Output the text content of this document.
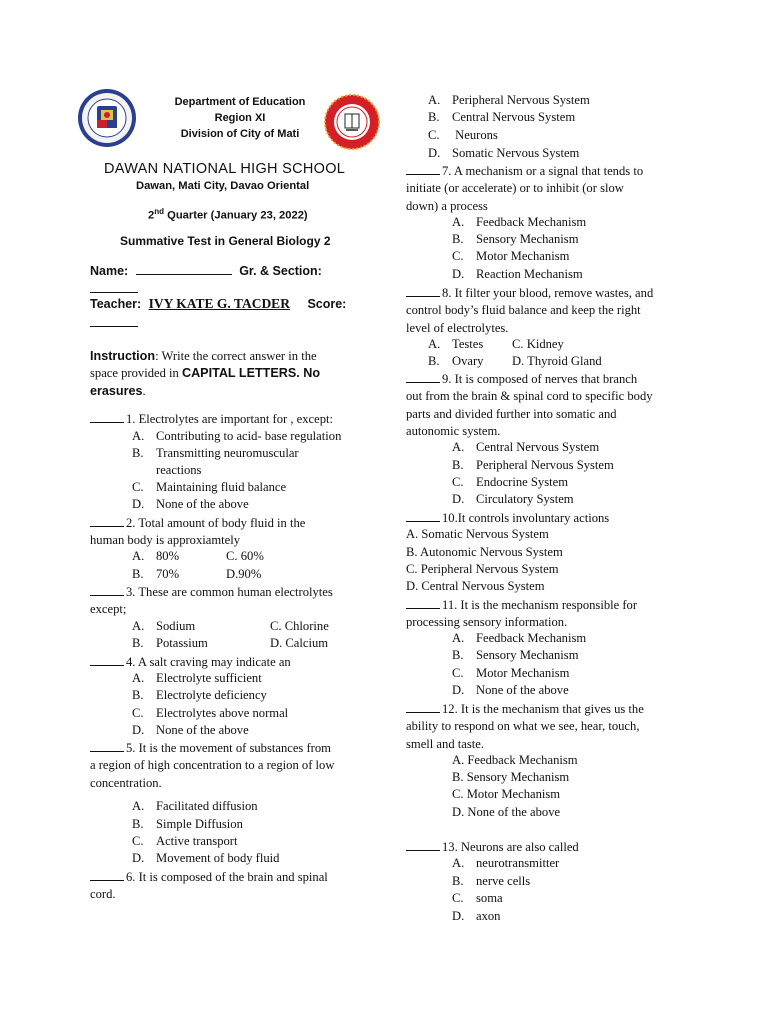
Department of Education
Region XI
Division of City of Mati
DAWAN NATIONAL HIGH SCHOOL
Dawan, Mati City, Davao Oriental
2nd Quarter (January 23, 2022)
Summative Test in General Biology 2
Name:	Gr. & Section:
Teacher: IVY KATE G. TACDER Score:
Instruction: Write the correct answer in the
space provided in CAPITAL LETTERS. No
erasures.
1. Electrolytes are important for , except:
A. Contributing to acid- base regulation
B. Transmitting neuromuscular
reactions
C. Maintaining fluid balance
D. None of the above
2. Total amount of body fluid in the
human body is approxiamtely
A. 80%	C. 60%
B. 70%	D.90%
3. These are common human electrolytes
except;
A. Sodium	C. Chlorine
B. Potassium	D. Calcium
4. A salt craving may indicate an
A. Electrolyte sufficient
B. Electrolyte deficiency
C. Electrolytes above normal
D. None of the above
5. It is the movement of substances from
a region of high concentration to a region of low
concentration.
A. Facilitated diffusion
B. Simple Diffusion
C. Active transport
D. Movement of body fluid
6. It is composed of the brain and spinal
cord.
A. Peripheral Nervous System
B. Central Nervous System
C. Neurons
D. Somatic Nervous System
7. A mechanism or a signal that tends to
initiate (or accelerate) or to inhibit (or slow
down) a process
A. Feedback Mechanism
B. Sensory Mechanism
C. Motor Mechanism
D. Reaction Mechanism
8. It filter your blood, remove wastes, and
control body’s fluid balance and keep the right
level of electrolytes.
A. Testes C. Kidney
B. Ovary D. Thyroid Gland
9. It is composed of nerves that branch
out from the brain & spinal cord to specific body
parts and divided further into somatic and
autonomic system.
A. Central Nervous System
B. Peripheral Nervous System
C. Endocrine System
D. Circulatory System
10.It controls involuntary actions
A. Somatic Nervous System
B. Autonomic Nervous System
C. Peripheral Nervous System
D. Central Nervous System
11. It is the mechanism responsible for
processing sensory information.
A. Feedback Mechanism
B. Sensory Mechanism
C. Motor Mechanism
D. None of the above
12. It is the mechanism that gives us the
ability to respond on what we see, hear, touch,
smell and taste.
A. Feedback Mechanism
B. Sensory Mechanism
C. Motor Mechanism
D. None of the above
13. Neurons are also called
A. neurotransmitter
B. nerve cells
C. soma
D. axon
